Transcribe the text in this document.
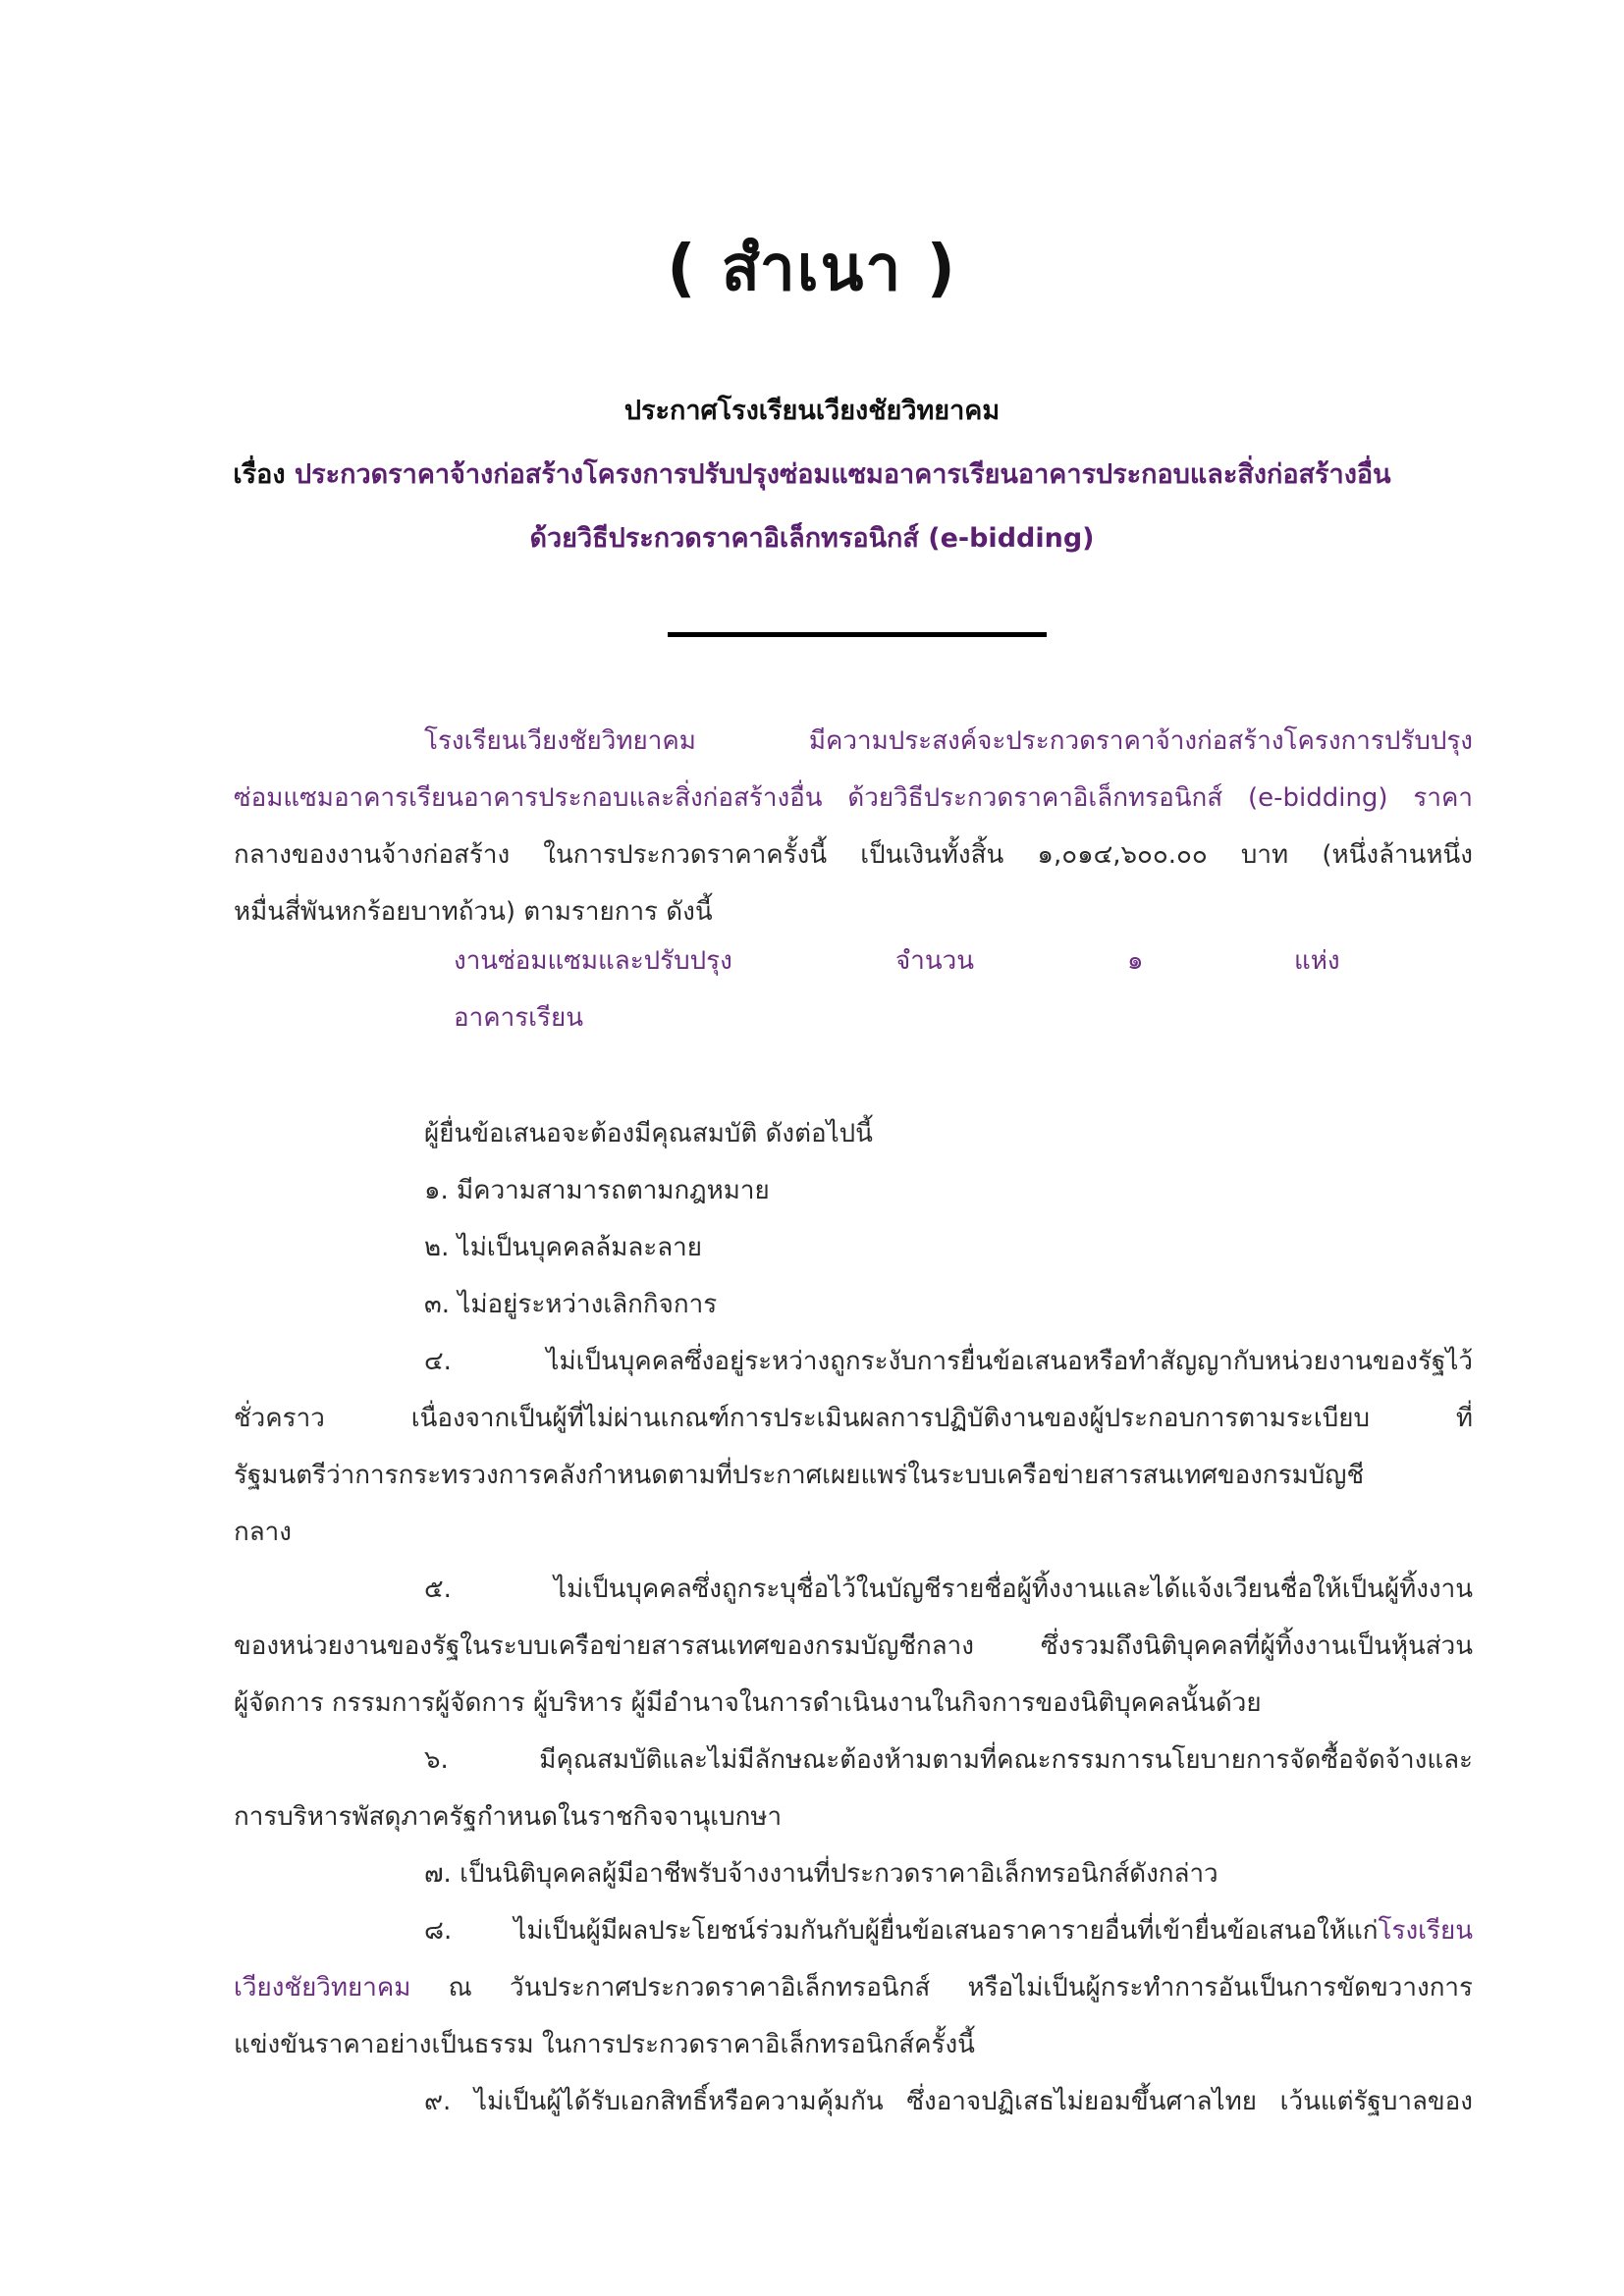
( สำเนา )
ประกาศโรงเรียนเวียงชัยวิทยาคม
เรื่อง ประกวดราคาจ้างก่อสร้างโครงการปรับปรุงซ่อมแซมอาคารเรียนอาคารประกอบและสิ่งก่อสร้างอื่น
ด้วยวิธีประกวดราคาอิเล็กทรอนิกส์ (e-bidding)
โรงเรียนเวียงชัยวิทยาคม มีความประสงค์จะประกวดราคาจ้างก่อสร้างโครงการปรับปรุง
ซ่อมแซมอาคารเรียนอาคารประกอบและสิ่งก่อสร้างอื่น ด้วยวิธีประกวดราคาอิเล็กทรอนิกส์ (e-bidding) ราคา
กลางของงานจ้างก่อสร้าง ในการประกวดราคาครั้งนี้ เป็นเงินทั้งสิ้น ๑,๐๑๔,๖๐๐.๐๐ บาท (หนึ่งล้านหนึ่ง
หมื่นสี่พันหกร้อยบาทถ้วน) ตามรายการ ดังนี้
งานซ่อมแซมและปรับปรุง	จำนวน	๑	แห่ง
อาคารเรียน
ผู้ยื่นข้อเสนอจะต้องมีคุณสมบัติ ดังต่อไปนี้
๑. มีความสามารถตามกฎหมาย
๒. ไม่เป็นบุคคลล้มละลาย
๓. ไม่อยู่ระหว่างเลิกกิจการ
๔. ไม่เป็นบุคคลซึ่งอยู่ระหว่างถูกระงับการยื่นข้อเสนอหรือทำสัญญากับหน่วยงานของรัฐไว้
ชั่วคราว เนื่องจากเป็นผู้ที่ไม่ผ่านเกณฑ์การประเมินผลการปฏิบัติงานของผู้ประกอบการตามระเบียบ ที่
รัฐมนตรีว่าการกระทรวงการคลังกำหนดตามที่ประกาศเผยแพร่ในระบบเครือข่ายสารสนเทศของกรมบัญชี
กลาง
๕. ไม่เป็นบุคคลซึ่งถูกระบุชื่อไว้ในบัญชีรายชื่อผู้ทิ้งงานและได้แจ้งเวียนชื่อให้เป็นผู้ทิ้งงาน
ของหน่วยงานของรัฐในระบบเครือข่ายสารสนเทศของกรมบัญชีกลาง ซึ่งรวมถึงนิติบุคคลที่ผู้ทิ้งงานเป็นหุ้นส่วน
ผู้จัดการ กรรมการผู้จัดการ ผู้บริหาร ผู้มีอำนาจในการดำเนินงานในกิจการของนิติบุคคลนั้นด้วย
๖. มีคุณสมบัติและไม่มีลักษณะต้องห้ามตามที่คณะกรรมการนโยบายการจัดซื้อจัดจ้างและ
การบริหารพัสดุภาครัฐกำหนดในราชกิจจานุเบกษา
๗. เป็นนิติบุคคลผู้มีอาชีพรับจ้างงานที่ประกวดราคาอิเล็กทรอนิกส์ดังกล่าว
๘. ไม่เป็นผู้มีผลประโยชน์ร่วมกันกับผู้ยื่นข้อเสนอราคารายอื่นที่เข้ายื่นข้อเสนอให้แก่โรงเรียน
เวียงชัยวิทยาคม ณ วันประกาศประกวดราคาอิเล็กทรอนิกส์ หรือไม่เป็นผู้กระทำการอันเป็นการขัดขวางการ
แข่งขันราคาอย่างเป็นธรรม ในการประกวดราคาอิเล็กทรอนิกส์ครั้งนี้
๙. ไม่เป็นผู้ได้รับเอกสิทธิ์หรือความคุ้มกัน ซึ่งอาจปฏิเสธไม่ยอมขึ้นศาลไทย เว้นแต่รัฐบาลของ
